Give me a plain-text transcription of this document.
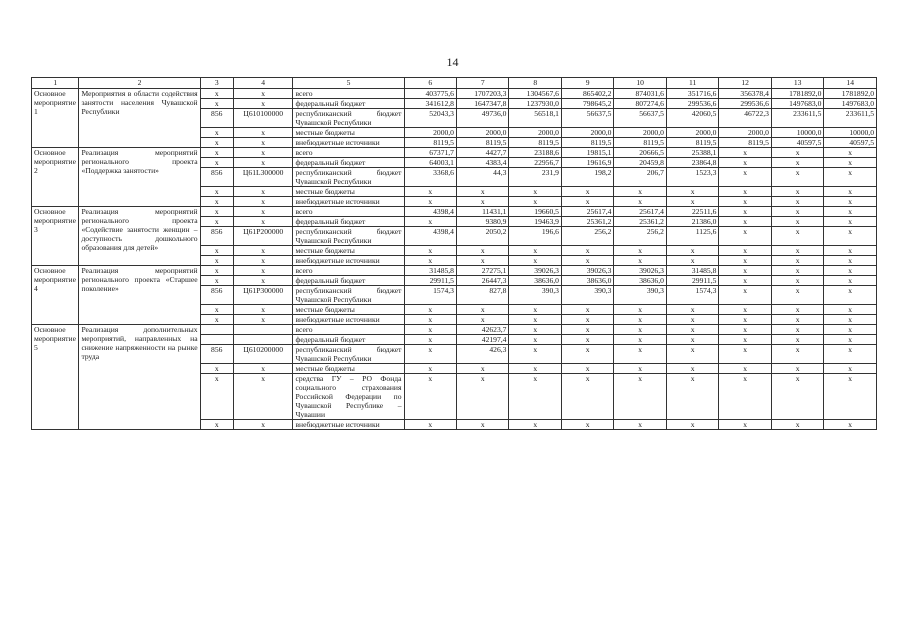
14
1	2	3	4	5	6	7	8	9	10	11	12	13	14
Основное мероприятие 1	Мероприятия в области содействия занятости населения Чувашской Республики	x	x	всего	403775,6	1707203,3	1304567,6	865402,2	874031,6	351716,6	356378,4	1781892,0	1781892,0
		x	x	федеральный бюджет	341612,8	1647347,8	1237930,0	798645,2	807274,6	299536,6	299536,6	1497683,0	1497683,0
		856	Ц610100000	республиканский бюджет Чувашской Республики	52043,3	49736,0	56518,1	56637,5	56637,5	42060,5	46722,3	233611,5	233611,5
		x	x	местные бюджеты	2000,0	2000,0	2000,0	2000,0	2000,0	2000,0	2000,0	10000,0	10000,0
		x	x	внебюджетные источники	8119,5	8119,5	8119,5	8119,5	8119,5	8119,5	8119,5	40597,5	40597,5
Основное мероприятие 2	Реализация мероприятий регионального проекта «Поддержка занятости»	x	x	всего	67371,7	4427,7	23188,6	19815,1	20666,5	25388,1	x	x	x
		x	x	федеральный бюджет	64003,1	4383,4	22956,7	19616,9	20459,8	23864,8	x	x	x
		856	Ц61L300000	республиканский бюджет Чувашской Республики	3368,6	44,3	231,9	198,2	206,7	1523,3	x	x	x
		x	x	местные бюджеты	x	x	x	x	x	x	x	x	x
		x	x	внебюджетные источники	x	x	x	x	x	x	x	x	x
Основное мероприятие 3	Реализация мероприятий регионального проекта «Содействие занятости женщин – доступность дошкольного образования для детей»	x	x	всего	4398,4	11431,1	19660,5	25617,4	25617,4	22511,6	x	x	x
		x	x	федеральный бюджет	x	9380,9	19463,9	25361,2	25361,2	21386,0	x	x	x
		856	Ц61P200000	республиканский бюджет Чувашской Республики	4398,4	2050,2	196,6	256,2	256,2	1125,6	x	x	x
		x	x	местные бюджеты	x	x	x	x	x	x	x	x	x
		x	x	внебюджетные источники	x	x	x	x	x	x	x	x	x
Основное мероприятие 4	Реализация мероприятий регионального проекта «Старшее поколение»	x	x	всего	31485,8	27275,1	39026,3	39026,3	39026,3	31485,8	x	x	x
		x	x	федеральный бюджет	29911,5	26447,3	38636,0	38636,0	38636,0	29911,5	x	x	x
		856	Ц61P300000	республиканский бюджет Чувашской Республики	1574,3	827,8	390,3	390,3	390,3	1574,3	x	x	x
		x	x	местные бюджеты	x	x	x	x	x	x	x	x	x
		x	x	внебюджетные источники	x	x	x	x	x	x	x	x	x
Основное мероприятие 5	Реализация дополнительных мероприятий, направленных на снижение напряженности на рынке труда			всего	x	42623,7	x	x	x	x	x	x	x
				федеральный бюджет	x	42197,4	x	x	x	x	x	x	x
		856	Ц610200000	республиканский бюджет Чувашской Республики	x	426,3	x	x	x	x	x	x	x
		x	x	местные бюджеты	x	x	x	x	x	x	x	x	x
		x	x	средства ГУ – РО Фонда социального страхования Российской Федерации по Чувашской Республике – Чувашии	x	x	x	x	x	x	x	x	x
		x	x	внебюджетные источники	x	x	x	x	x	x	x	x	x
